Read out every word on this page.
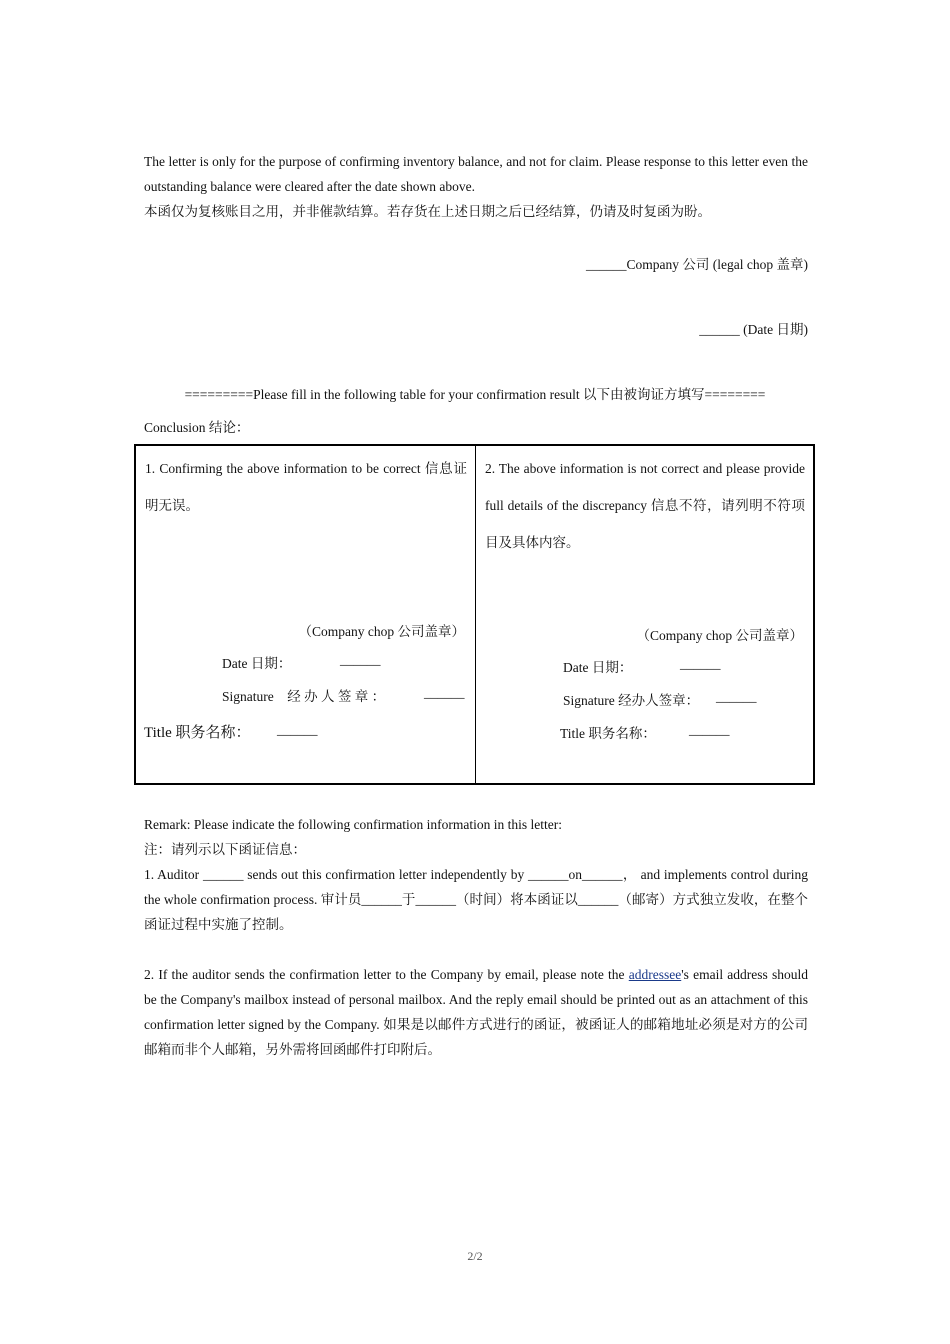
The letter is only for the purpose of confirming inventory balance, and not for claim. Please response to this letter even the outstanding balance were cleared after the date shown above.
本函仅为复核账目之用，并非催款结算。若存货在上述日期之后已经结算，仍请及时复函为盼。
______Company 公司 (legal chop 盖章)
______ (Date 日期)
=========Please fill in the following table for your confirmation result 以下由被询证方填写========
Conclusion 结论：
1. Confirming the above information to be correct 信息证明无误。
（Company chop 公司盖章）
Date 日期：	______
Signature　经 办 人 签 章 ：	______
Title 职务名称： ______
2. The above information is not correct and please provide full details of the discrepancy 信息不符，请列明不符项目及具体内容。
（Company chop 公司盖章）
Date 日期：	______
Signature 经办人签章： ______
Title 职务名称： ______
Remark: Please indicate the following confirmation information in this letter:
注：请列示以下函证信息：
1. Auditor ______ sends out this confirmation letter independently by ______on______， and implements control during the whole confirmation process. 审计员______于______（时间）将本函证以______（邮寄）方式独立发收，在整个函证过程中实施了控制。
2. If the auditor sends the confirmation letter to the Company by email, please note the addressee's email address should be the Company's mailbox instead of personal mailbox. And the reply email should be printed out as an attachment of this confirmation letter signed by the Company. 如果是以邮件方式进行的函证，被函证人的邮箱地址必须是对方的公司邮箱而非个人邮箱，另外需将回函邮件打印附后。
2/2
